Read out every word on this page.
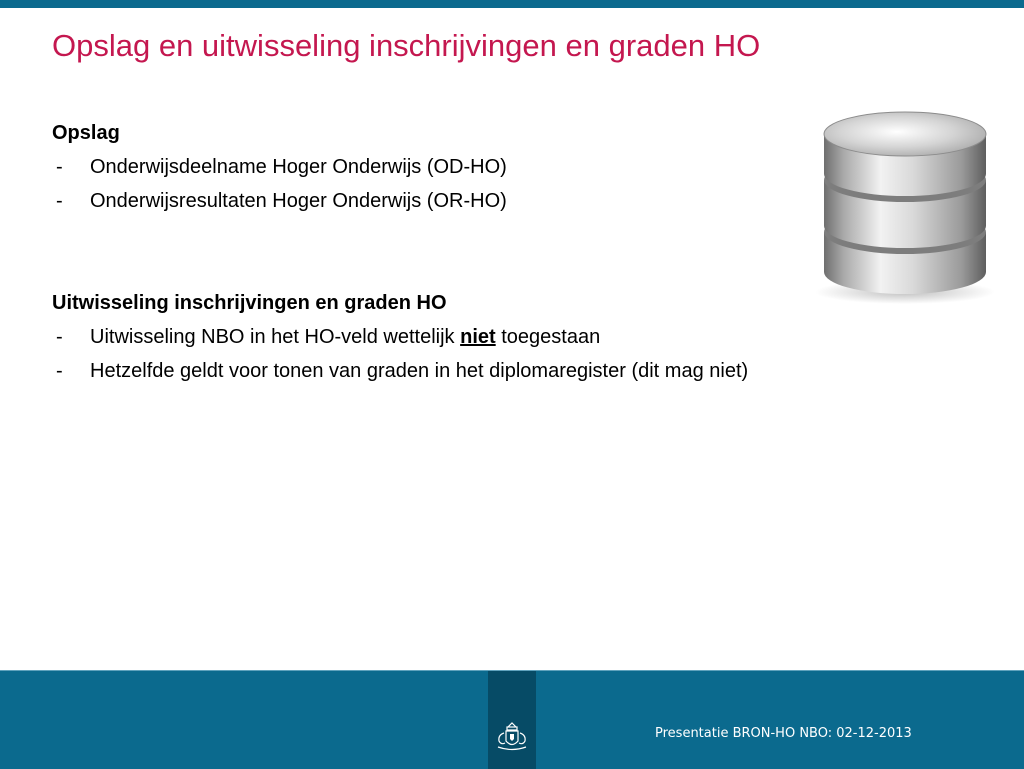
Opslag en uitwisseling inschrijvingen en graden HO
Opslag
- Onderwijsdeelname Hoger Onderwijs (OD-HO)
- Onderwijsresultaten Hoger Onderwijs (OR-HO)
Uitwisseling inschrijvingen en graden HO
- Uitwisseling NBO in het HO-veld wettelijk niet toegestaan
- Hetzelfde geldt voor tonen van graden in het diplomaregister (dit mag niet)
Presentatie BRON-HO NBO: 02-12-2013
